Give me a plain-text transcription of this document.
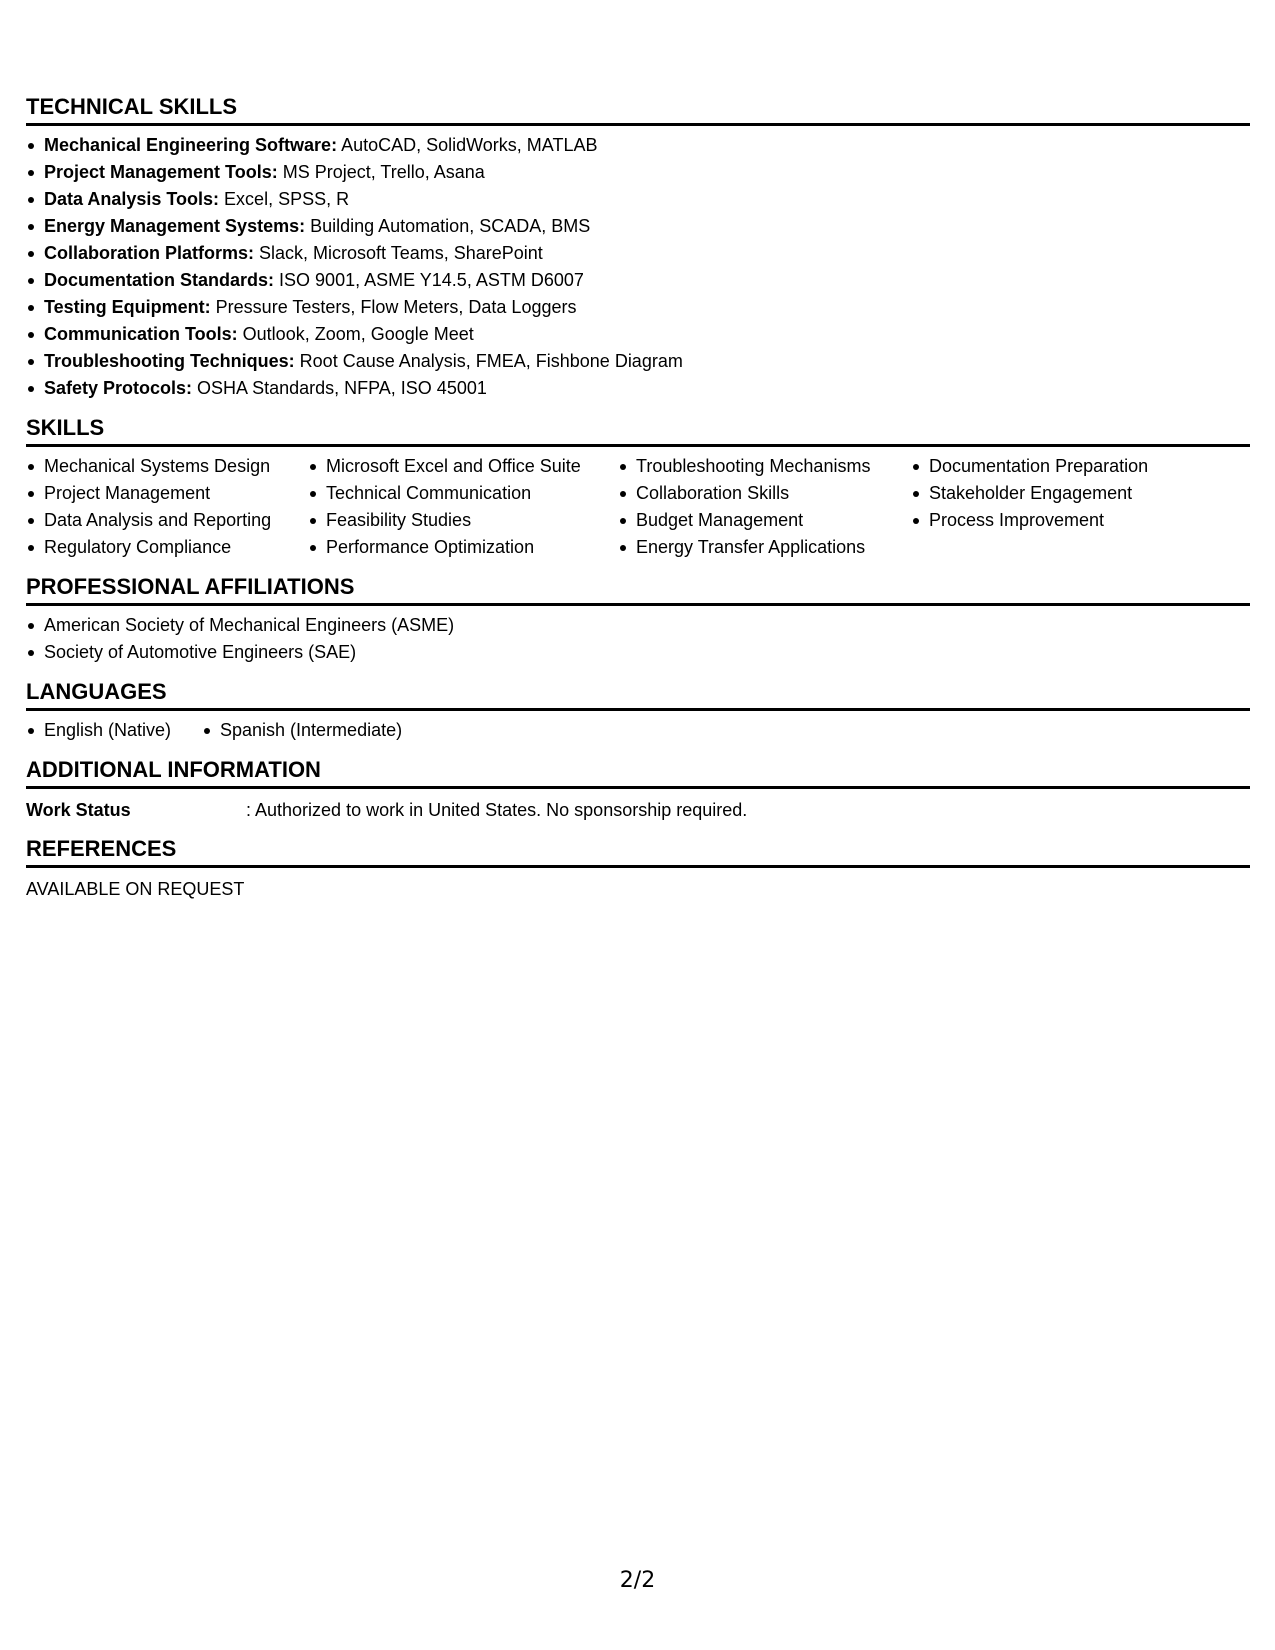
TECHNICAL SKILLS
Mechanical Engineering Software: AutoCAD, SolidWorks, MATLAB
Project Management Tools: MS Project, Trello, Asana
Data Analysis Tools: Excel, SPSS, R
Energy Management Systems: Building Automation, SCADA, BMS
Collaboration Platforms: Slack, Microsoft Teams, SharePoint
Documentation Standards: ISO 9001, ASME Y14.5, ASTM D6007
Testing Equipment: Pressure Testers, Flow Meters, Data Loggers
Communication Tools: Outlook, Zoom, Google Meet
Troubleshooting Techniques: Root Cause Analysis, FMEA, Fishbone Diagram
Safety Protocols: OSHA Standards, NFPA, ISO 45001
SKILLS
Mechanical Systems Design
Project Management
Data Analysis and Reporting
Regulatory Compliance
Microsoft Excel and Office Suite
Technical Communication
Feasibility Studies
Performance Optimization
Troubleshooting Mechanisms
Collaboration Skills
Budget Management
Energy Transfer Applications
Documentation Preparation
Stakeholder Engagement
Process Improvement
PROFESSIONAL AFFILIATIONS
American Society of Mechanical Engineers (ASME)
Society of Automotive Engineers (SAE)
LANGUAGES
English (Native)	Spanish (Intermediate)
ADDITIONAL INFORMATION
Work Status	: Authorized to work in United States. No sponsorship required.
REFERENCES
AVAILABLE ON REQUEST
2/2
